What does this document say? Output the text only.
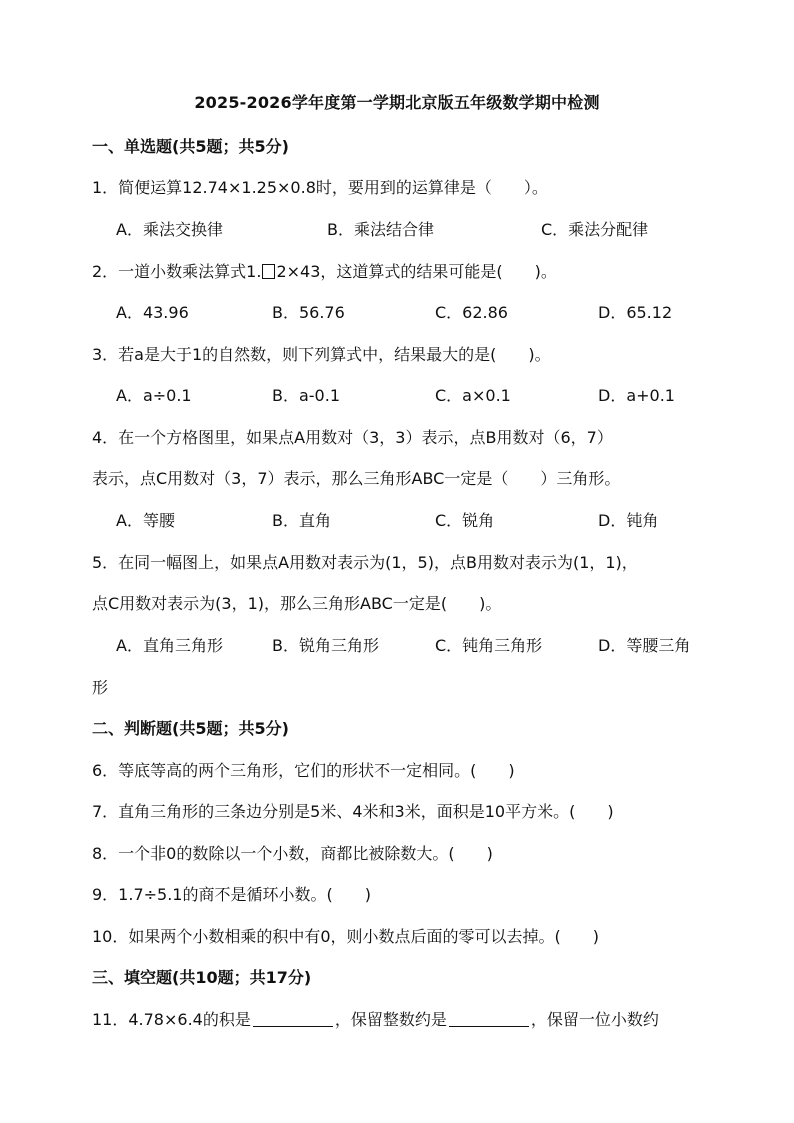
2025-2026学年度第一学期北京版五年级数学期中检测
一、单选题(共5题；共5分)
1．简便运算12.74×1.25×0.8时，要用到的运算律是（　　）。
A．乘法交换律	B．乘法结合律	C．乘法分配律
2．一道小数乘法算式1. 2×43，这道算式的结果可能是(　　)。
A．43.96	B．56.76	C．62.86	D．65.12
3．若a是大于1的自然数，则下列算式中，结果最大的是(　　)。
A．a÷0.1	B．a-0.1	C．a×0.1	D．a+0.1
4．在一个方格图里，如果点A用数对（3，3）表示，点B用数对（6，7）
表示，点C用数对（3，7）表示，那么三角形ABC一定是（　　）三角形。
A．等腰	B．直角	C．锐角	D．钝角
5．在同一幅图上，如果点A用数对表示为(1，5)，点B用数对表示为(1，1)，
点C用数对表示为(3，1)，那么三角形ABC一定是(　　)。
A．直角三角形	B．锐角三角形	C．钝角三角形	D．等腰三角
形
二、判断题(共5题；共5分)
6．等底等高的两个三角形，它们的形状不一定相同。(　　)
7．直角三角形的三条边分别是5米、4米和3米，面积是10平方米。(　　)
8．一个非0的数除以一个小数，商都比被除数大。(　　)
9．1.7÷5.1的商不是循环小数。(　　)
10．如果两个小数相乘的积中有0，则小数点后面的零可以去掉。(　　)
三、填空题(共10题；共17分)
11．4.78×6.4的积是	，保留整数约是	，保留一位小数约
